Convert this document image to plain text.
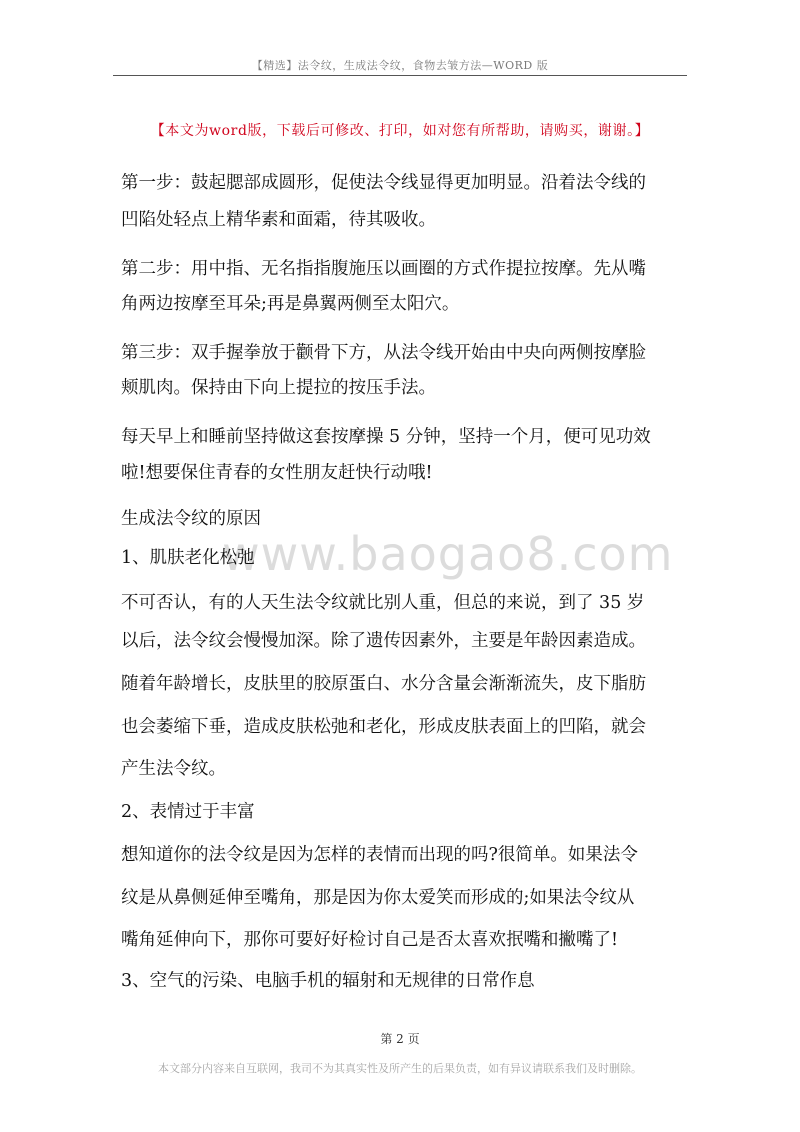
【精选】法令纹，生成法令纹，食物去皱方法—WORD 版
【本文为word版，下载后可修改、打印，如对您有所帮助，请购买，谢谢。】
www.baogao8.com
第一步：鼓起腮部成圆形，促使法令线显得更加明显。沿着法令线的
凹陷处轻点上精华素和面霜，待其吸收。
第二步：用中指、无名指指腹施压以画圈的方式作提拉按摩。先从嘴
角两边按摩至耳朵;再是鼻翼两侧至太阳穴。
第三步：双手握拳放于颧骨下方，从法令线开始由中央向两侧按摩脸
颊肌肉。保持由下向上提拉的按压手法。
每天早上和睡前坚持做这套按摩操 5 分钟，坚持一个月，便可见功效
啦!想要保住青春的女性朋友赶快行动哦!
生成法令纹的原因
1、肌肤老化松弛
不可否认，有的人天生法令纹就比别人重，但总的来说，到了 35 岁
以后，法令纹会慢慢加深。除了遗传因素外，主要是年龄因素造成。
随着年龄增长，皮肤里的胶原蛋白、水分含量会渐渐流失，皮下脂肪
也会萎缩下垂，造成皮肤松弛和老化，形成皮肤表面上的凹陷，就会
产生法令纹。
2、表情过于丰富
想知道你的法令纹是因为怎样的表情而出现的吗?很简单。如果法令
纹是从鼻侧延伸至嘴角，那是因为你太爱笑而形成的;如果法令纹从
嘴角延伸向下，那你可要好好检讨自己是否太喜欢抿嘴和撇嘴了!
3、空气的污染、电脑手机的辐射和无规律的日常作息
第 2 页
本文部分内容来自互联网，我司不为其真实性及所产生的后果负责，如有异议请联系我们及时删除。
